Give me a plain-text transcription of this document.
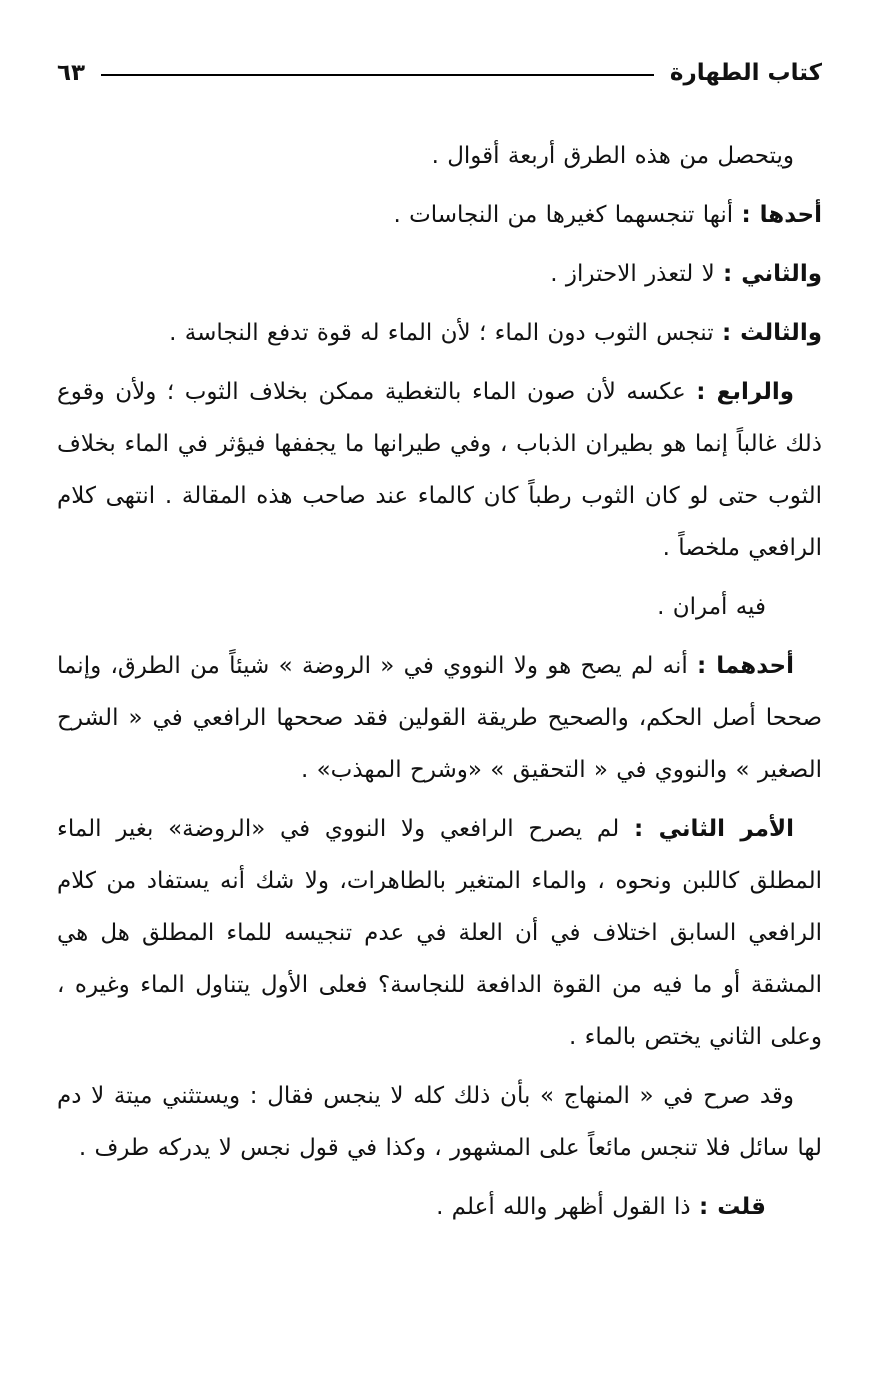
كتاب الطهارة
٦٣

ويتحصل من هذه الطرق أربعة أقوال .

أحدها : أنها تنجسهما كغيرها من النجاسات .

والثاني : لا لتعذر الاحتراز .

والثالث : تنجس الثوب دون الماء ؛ لأن الماء له قوة تدفع النجاسة .

والرابع : عكسه لأن صون الماء بالتغطية ممكن بخلاف الثوب ؛ ولأن وقوع ذلك غالباً إنما هو بطيران الذباب ، وفي طيرانها ما يجففها فيؤثر في الماء بخلاف الثوب حتى لو كان الثوب رطباً كان كالماء عند صاحب هذه المقالة . انتهى كلام الرافعي ملخصاً .

فيه أمران .

أحدهما : أنه لم يصح هو ولا النووي في « الروضة » شيئاً من الطرق، وإنما صححا أصل الحكم، والصحيح طريقة القولين فقد صححها الرافعي في « الشرح الصغير » والنووي في « التحقيق » «وشرح المهذب» .

الأمر الثاني : لم يصرح الرافعي ولا النووي في «الروضة» بغير الماء المطلق كاللبن ونحوه ، والماء المتغير بالطاهرات، ولا شك أنه يستفاد من كلام الرافعي السابق اختلاف في أن العلة في عدم تنجيسه للماء المطلق هل هي المشقة أو ما فيه من القوة الدافعة للنجاسة؟ فعلى الأول يتناول الماء وغيره ، وعلى الثاني يختص بالماء .

وقد صرح في « المنهاج » بأن ذلك كله لا ينجس فقال : ويستثني ميتة لا دم لها سائل فلا تنجس مائعاً على المشهور ، وكذا في قول نجس لا يدركه طرف .

قلت : ذا القول أظهر والله أعلم .
